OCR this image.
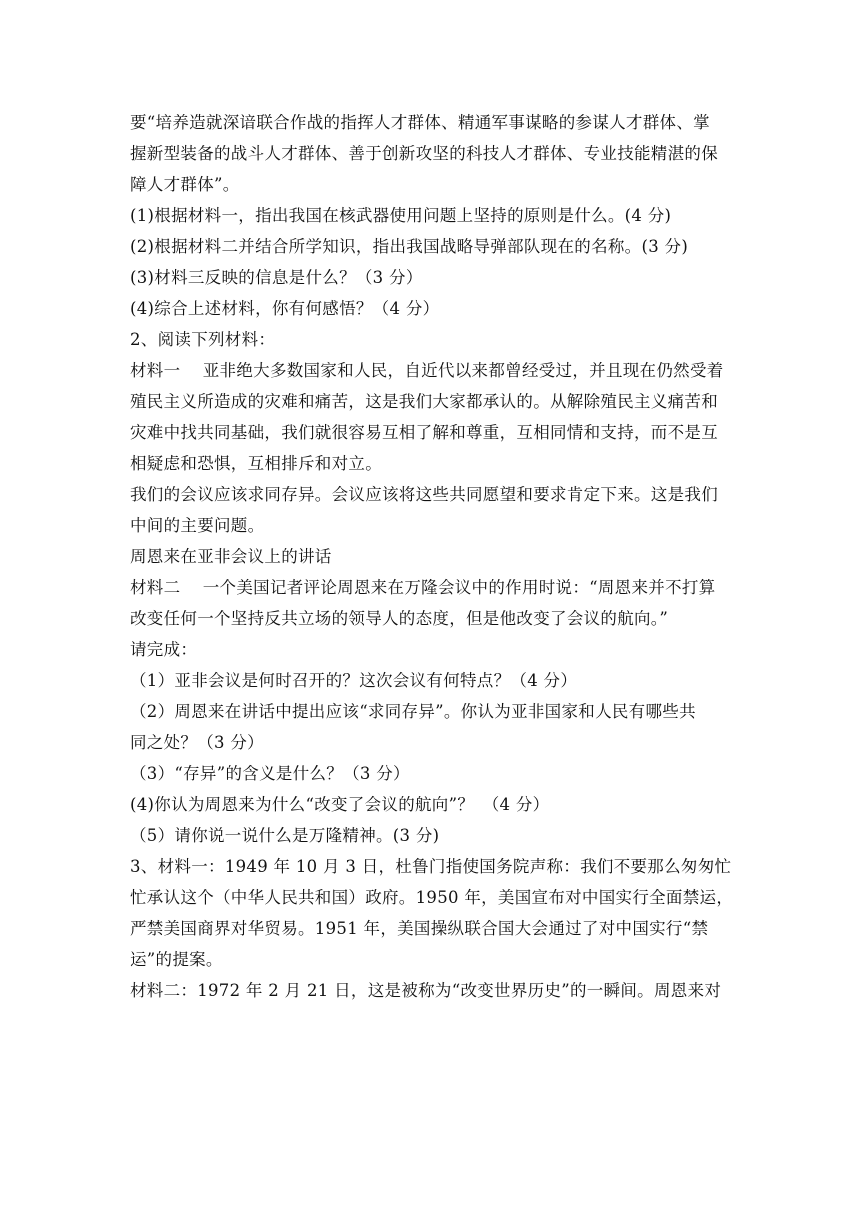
要“培养造就深谙联合作战的指挥人才群体、精通军事谋略的参谋人才群体、掌
握新型装备的战斗人才群体、善于创新攻坚的科技人才群体、专业技能精湛的保
障人才群体”。
(1)根据材料一，指出我国在核武器使用问题上坚持的原则是什么。(4 分)
(2)根据材料二并结合所学知识，指出我国战略导弹部队现在的名称。(3 分)
(3)材料三反映的信息是什么？（3 分）
(4)综合上述材料，你有何感悟？（4 分）
2、阅读下列材料：
材料一　 亚非绝大多数国家和人民，自近代以来都曾经受过，并且现在仍然受着
殖民主义所造成的灾难和痛苦，这是我们大家都承认的。从解除殖民主义痛苦和
灾难中找共同基础，我们就很容易互相了解和尊重，互相同情和支持，而不是互
相疑虑和恐惧，互相排斥和对立。
我们的会议应该求同存异。会议应该将这些共同愿望和要求肯定下来。这是我们
中间的主要问题。
周恩来在亚非会议上的讲话
材料二　 一个美国记者评论周恩来在万隆会议中的作用时说：“周恩来并不打算
改变任何一个坚持反共立场的领导人的态度，但是他改变了会议的航向。”
请完成：
（1）亚非会议是何时召开的？这次会议有何特点？（4 分）
（2）周恩来在讲话中提出应该“求同存异”。你认为亚非国家和人民有哪些共
同之处？（3 分）
（3）“存异”的含义是什么？（3 分）
(4)你认为周恩来为什么“改变了会议的航向”？　（4 分）
（5）请你说一说什么是万隆精神。(3 分)
3、材料一：1949 年 10 月 3 日，杜鲁门指使国务院声称：我们不要那么匆匆忙
忙承认这个（中华人民共和国）政府。1950 年，美国宣布对中国实行全面禁运，
严禁美国商界对华贸易。1951 年，美国操纵联合国大会通过了对中国实行“禁
运”的提案。
材料二：1972 年 2 月 21 日，这是被称为“改变世界历史”的一瞬间。周恩来对
